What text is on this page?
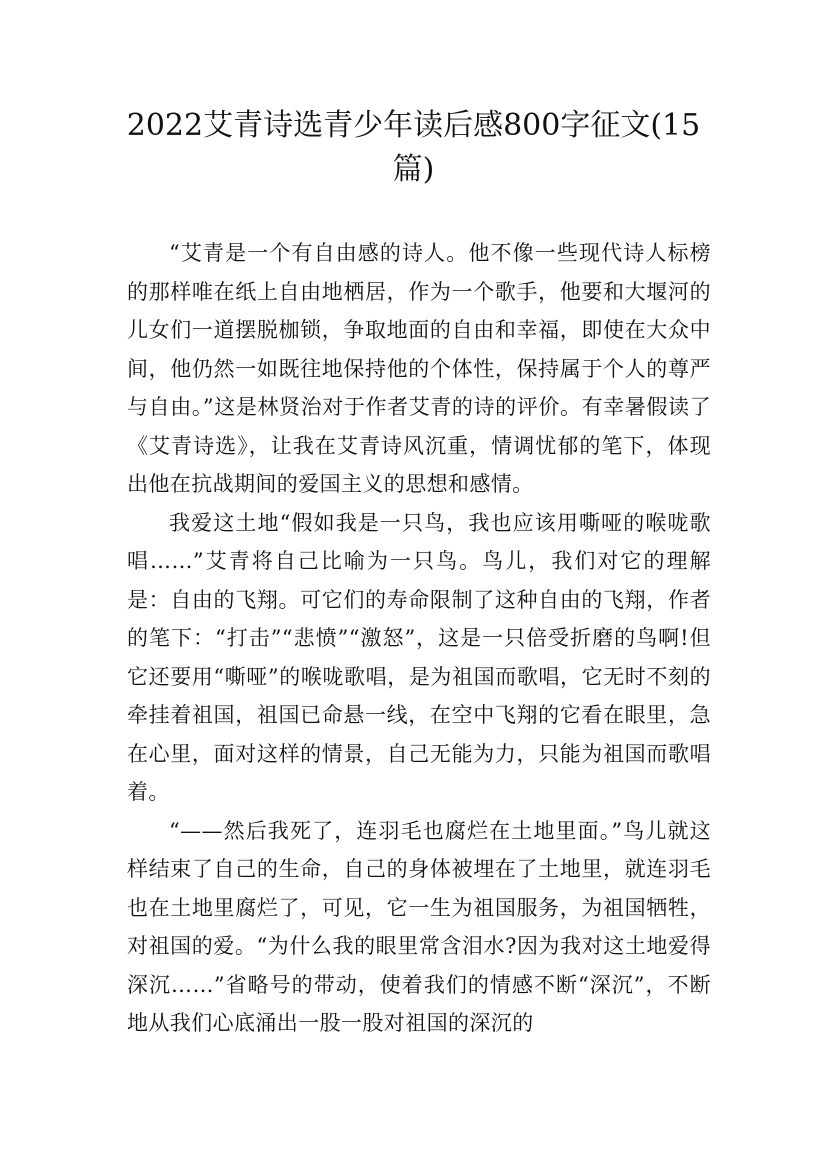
2022艾青诗选青少年读后感800字征文(15篇)

“艾青是一个有自由感的诗人。他不像一些现代诗人标榜的那样唯在纸上自由地栖居，作为一个歌手，他要和大堰河的儿女们一道摆脱枷锁，争取地面的自由和幸福，即使在大众中间，他仍然一如既往地保持他的个体性，保持属于个人的尊严与自由。”这是林贤治对于作者艾青的诗的评价。有幸暑假读了《艾青诗选》，让我在艾青诗风沉重，情调忧郁的笔下，体现出他在抗战期间的爱国主义的思想和感情。

我爱这土地“假如我是一只鸟，我也应该用嘶哑的喉咙歌唱……”艾青将自己比喻为一只鸟。鸟儿，我们对它的理解是：自由的飞翔。可它们的寿命限制了这种自由的飞翔，作者的笔下：“打击”“悲愤”“激怒”，这是一只倍受折磨的鸟啊!但它还要用“嘶哑”的喉咙歌唱，是为祖国而歌唱，它无时不刻的牵挂着祖国，祖国已命悬一线，在空中飞翔的它看在眼里，急在心里，面对这样的情景，自己无能为力，只能为祖国而歌唱着。

“——然后我死了，连羽毛也腐烂在土地里面。”鸟儿就这样结束了自己的生命，自己的身体被埋在了土地里，就连羽毛也在土地里腐烂了，可见，它一生为祖国服务，为祖国牺牲，对祖国的爱。“为什么我的眼里常含泪水?因为我对这土地爱得深沉……”省略号的带动，使着我们的情感不断“深沉”，不断地从我们心底涌出一股一股对祖国的深沉的
